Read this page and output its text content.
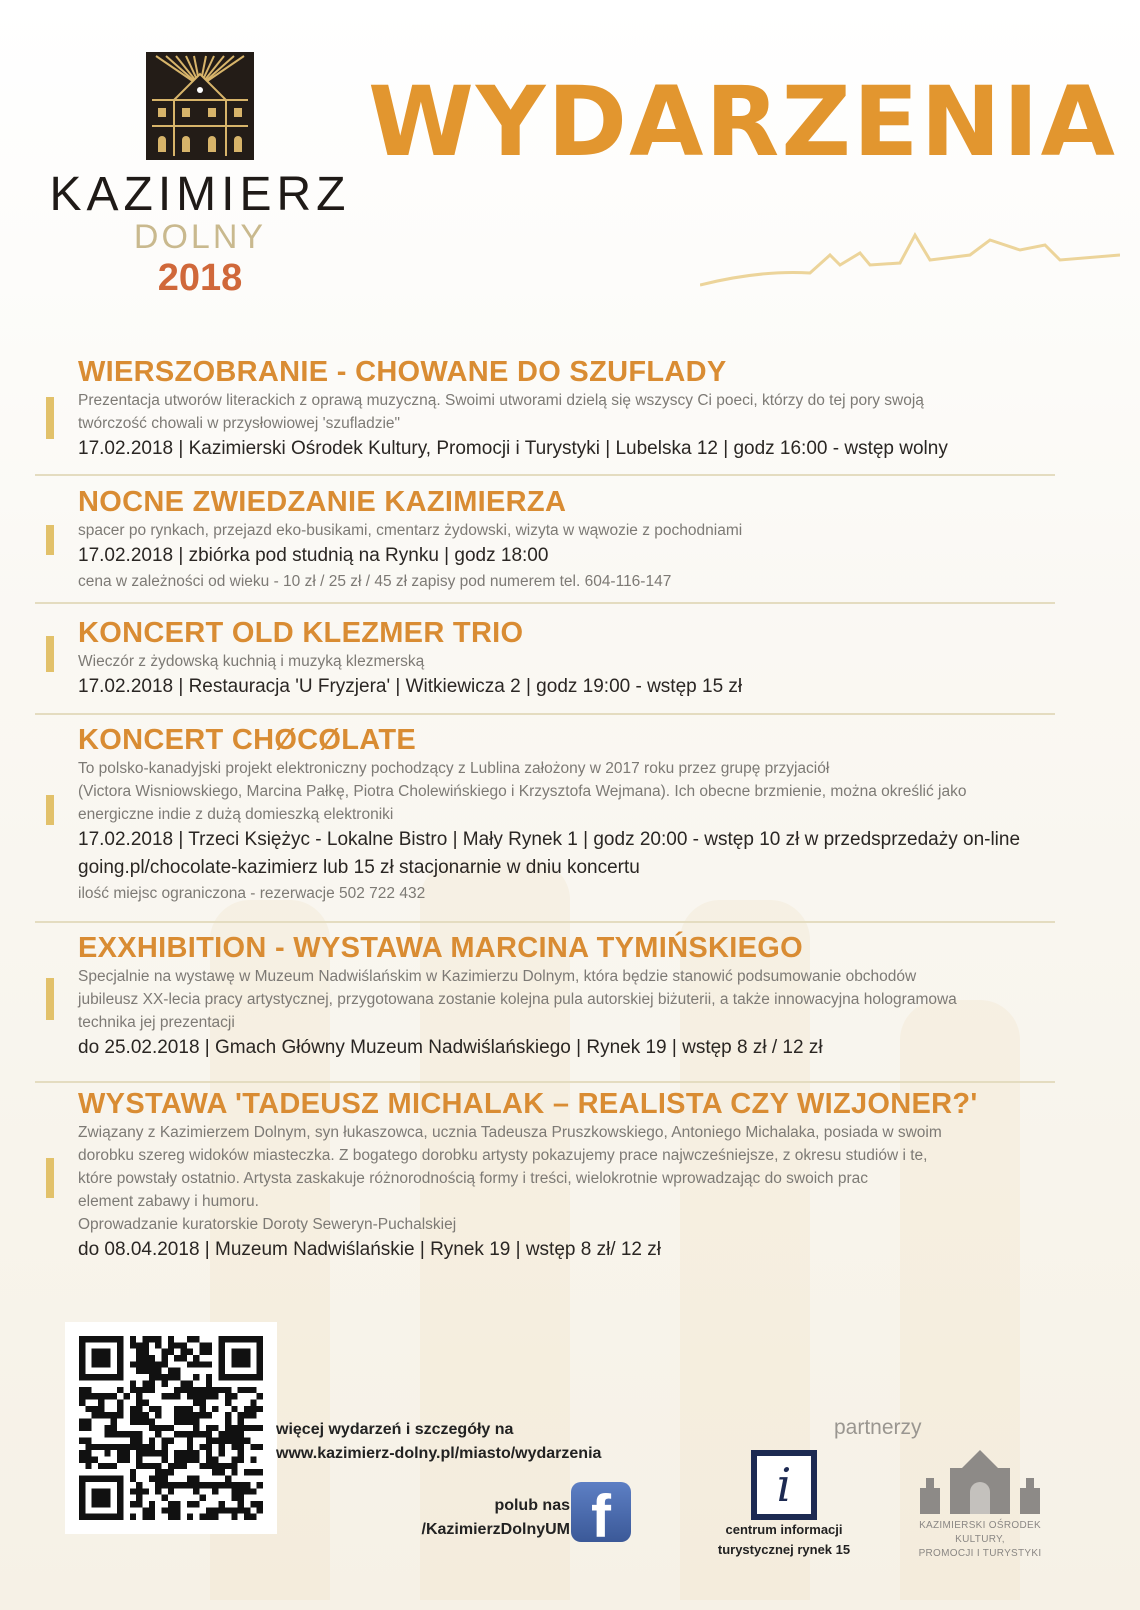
KAZIMIERZ
DOLNY
2018
WYDARZENIA
WIERSZOBRANIE - CHOWANE DO SZUFLADY
Prezentacja utworów literackich z oprawą muzyczną. Swoimi utworami dzielą się wszyscy Ci poeci, którzy do tej pory swoją
twórczość chowali w przysłowiowej 'szufladzie"
17.02.2018 | Kazimierski Ośrodek Kultury, Promocji i Turystyki | Lubelska 12 | godz 16:00 - wstęp wolny
NOCNE ZWIEDZANIE KAZIMIERZA
spacer po rynkach, przejazd eko-busikami, cmentarz żydowski, wizyta w wąwozie z pochodniami
17.02.2018 | zbiórka pod studnią na Rynku | godz 18:00
cena w zależności od wieku - 10 zł / 25 zł / 45 zł zapisy pod numerem tel. 604-116-147
KONCERT OLD KLEZMER TRIO
Wieczór z żydowską kuchnią i muzyką klezmerską
17.02.2018 | Restauracja 'U Fryzjera' | Witkiewicza 2 | godz 19:00 - wstęp 15 zł
KONCERT CHØCØLATE
To polsko-kanadyjski projekt elektroniczny pochodzący z Lublina założony w 2017 roku przez grupę przyjaciół
(Victora Wisniowskiego, Marcina Pałkę, Piotra Cholewińskiego i Krzysztofa Wejmana). Ich obecne brzmienie, można określić jako
energiczne indie z dużą domieszką elektroniki
17.02.2018 | Trzeci Księżyc - Lokalne Bistro | Mały Rynek 1 | godz 20:00 - wstęp 10 zł w przedsprzedaży on-line
going.pl/chocolate-kazimierz lub 15 zł stacjonarnie w dniu koncertu
ilość miejsc ograniczona - rezerwacje 502 722 432
EXXHIBITION - WYSTAWA MARCINA TYMIŃSKIEGO
Specjalnie na wystawę w Muzeum Nadwiślańskim w Kazimierzu Dolnym, która będzie stanowić podsumowanie obchodów
jubileusz XX-lecia pracy artystycznej, przygotowana zostanie kolejna pula autorskiej biżuterii, a także innowacyjna hologramowa
technika jej prezentacji
do 25.02.2018 | Gmach Główny Muzeum Nadwiślańskiego | Rynek 19 | wstęp 8 zł / 12 zł
WYSTAWA 'TADEUSZ MICHALAK – REALISTA CZY WIZJONER?'
Związany z Kazimierzem Dolnym, syn łukaszowca, ucznia Tadeusza Pruszkowskiego, Antoniego Michalaka, posiada w swoim
dorobku szereg widoków miasteczka. Z bogatego dorobku artysty pokazujemy prace najwcześniejsze, z okresu studiów i te,
które powstały ostatnio. Artysta zaskakuje różnorodnością formy i treści, wielokrotnie wprowadzając do swoich prac
element zabawy i humoru.
Oprowadzanie kuratorskie Doroty Seweryn-Puchalskiej
do 08.04.2018 | Muzeum Nadwiślańskie | Rynek 19 | wstęp 8 zł/ 12 zł
więcej wydarzeń i szczegóły na
www.kazimierz-dolny.pl/miasto/wydarzenia
polub nas
/KazimierzDolnyUM f
partnerzy
i
centrum informacji
turystycznej rynek 15
KAZIMIERSKI OŚRODEK KULTURY,
PROMOCJI I TURYSTYKI
